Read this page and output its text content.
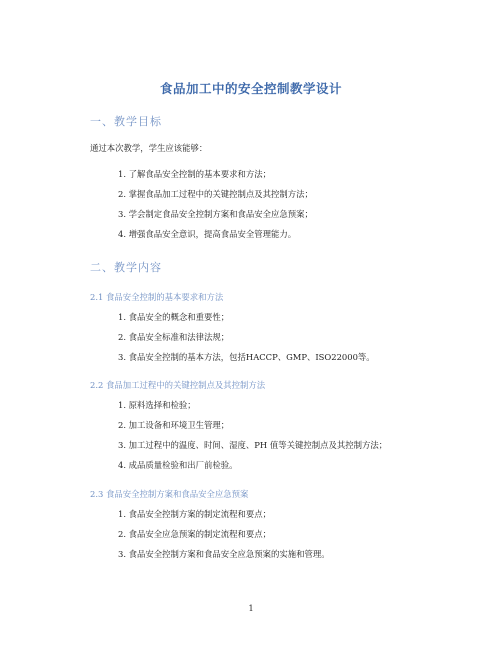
食品加工中的安全控制教学设计
一、教学目标
通过本次教学，学生应该能够：
1. 了解食品安全控制的基本要求和方法；
2. 掌握食品加工过程中的关键控制点及其控制方法；
3. 学会制定食品安全控制方案和食品安全应急预案；
4. 增强食品安全意识，提高食品安全管理能力。
二、教学内容
2.1 食品安全控制的基本要求和方法
1. 食品安全的概念和重要性；
2. 食品安全标准和法律法规；
3. 食品安全控制的基本方法，包括HACCP、GMP、ISO22000等。
2.2 食品加工过程中的关键控制点及其控制方法
1. 原料选择和检验；
2. 加工设备和环境卫生管理；
3. 加工过程中的温度、时间、湿度、PH 值等关键控制点及其控制方法；
4. 成品质量检验和出厂前检验。
2.3 食品安全控制方案和食品安全应急预案
1. 食品安全控制方案的制定流程和要点；
2. 食品安全应急预案的制定流程和要点；
3. 食品安全控制方案和食品安全应急预案的实施和管理。
1
